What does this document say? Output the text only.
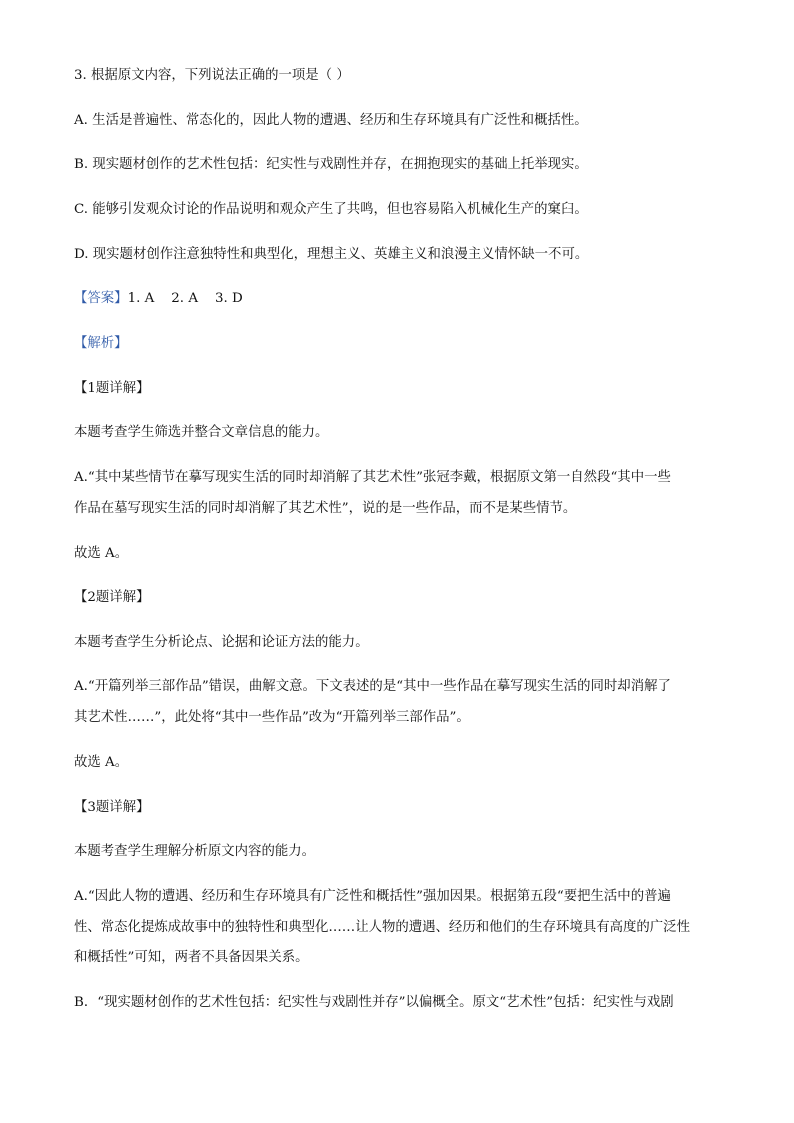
3. 根据原文内容，下列说法正确的一项是（ ）
A. 生活是普遍性、常态化的，因此人物的遭遇、经历和生存环境具有广泛性和概括性。
B. 现实题材创作的艺术性包括：纪实性与戏剧性并存，在拥抱现实的基础上托举现实。
C. 能够引发观众讨论的作品说明和观众产生了共鸣，但也容易陷入机械化生产的窠臼。
D. 现实题材创作注意独特性和典型化，理想主义、英雄主义和浪漫主义情怀缺一不可。
【答案】1. A    2. A    3. D
【解析】
【1题详解】
本题考查学生筛选并整合文章信息的能力。
A.“其中某些情节在摹写现实生活的同时却消解了其艺术性”张冠李戴，根据原文第一自然段“其中一些
作品在墓写现实生活的同时却消解了其艺术性”，说的是一些作品，而不是某些情节。
故选 A。
【2题详解】
本题考查学生分析论点、论据和论证方法的能力。
A.“开篇列举三部作品”错误，曲解文意。下文表述的是“其中一些作品在摹写现实生活的同时却消解了
其艺术性……”，此处将“其中一些作品”改为“开篇列举三部作品”。
故选 A。
【3题详解】
本题考查学生理解分析原文内容的能力。
A.“因此人物的遭遇、经历和生存环境具有广泛性和概括性”强加因果。根据第五段“要把生活中的普遍
性、常态化提炼成故事中的独特性和典型化……让人物的遭遇、经历和他们的生存环境具有高度的广泛性
和概括性”可知，两者不具备因果关系。
B．“现实题材创作的艺术性包括：纪实性与戏剧性并存”以偏概全。原文“艺术性”包括：纪实性与戏剧
